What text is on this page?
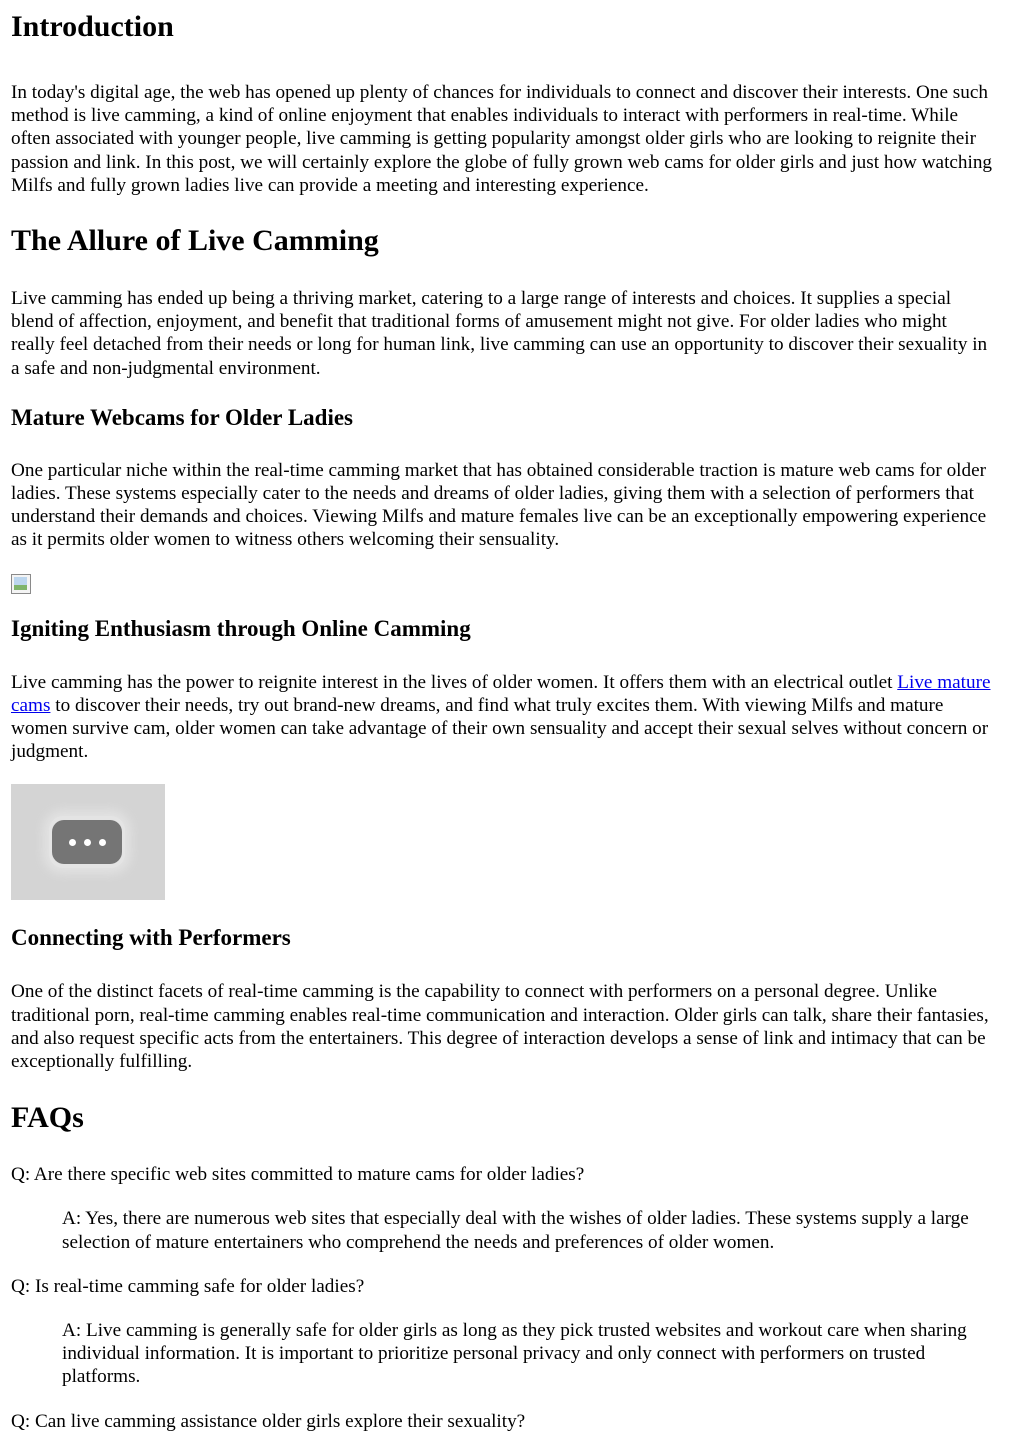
Introduction

In today's digital age, the web has opened up plenty of chances for individuals to connect and discover their interests. One such method is live camming, a kind of online enjoyment that enables individuals to interact with performers in real-time. While often associated with younger people, live camming is getting popularity amongst older girls who are looking to reignite their passion and link. In this post, we will certainly explore the globe of fully grown web cams for older girls and just how watching Milfs and fully grown ladies live can provide a meeting and interesting experience.

The Allure of Live Camming

Live camming has ended up being a thriving market, catering to a large range of interests and choices. It supplies a special blend of affection, enjoyment, and benefit that traditional forms of amusement might not give. For older ladies who might really feel detached from their needs or long for human link, live camming can use an opportunity to discover their sexuality in a safe and non-judgmental environment.

Mature Webcams for Older Ladies

One particular niche within the real-time camming market that has obtained considerable traction is mature web cams for older ladies. These systems especially cater to the needs and dreams of older ladies, giving them with a selection of performers that understand their demands and choices. Viewing Milfs and mature females live can be an exceptionally empowering experience as it permits older women to witness others welcoming their sensuality.

Igniting Enthusiasm through Online Camming

Live camming has the power to reignite interest in the lives of older women. It offers them with an electrical outlet Live mature cams to discover their needs, try out brand-new dreams, and find what truly excites them. With viewing Milfs and mature women survive cam, older women can take advantage of their own sensuality and accept their sexual selves without concern or judgment.

Connecting with Performers

One of the distinct facets of real-time camming is the capability to connect with performers on a personal degree. Unlike traditional porn, real-time camming enables real-time communication and interaction. Older girls can talk, share their fantasies, and also request specific acts from the entertainers. This degree of interaction develops a sense of link and intimacy that can be exceptionally fulfilling.

FAQs

Q: Are there specific web sites committed to mature cams for older ladies?

A: Yes, there are numerous web sites that especially deal with the wishes of older ladies. These systems supply a large selection of mature entertainers who comprehend the needs and preferences of older women.

Q: Is real-time camming safe for older ladies?

A: Live camming is generally safe for older girls as long as they pick trusted websites and workout care when sharing individual information. It is important to prioritize personal privacy and only connect with performers on trusted platforms.

Q: Can live camming assistance older girls explore their sexuality?
